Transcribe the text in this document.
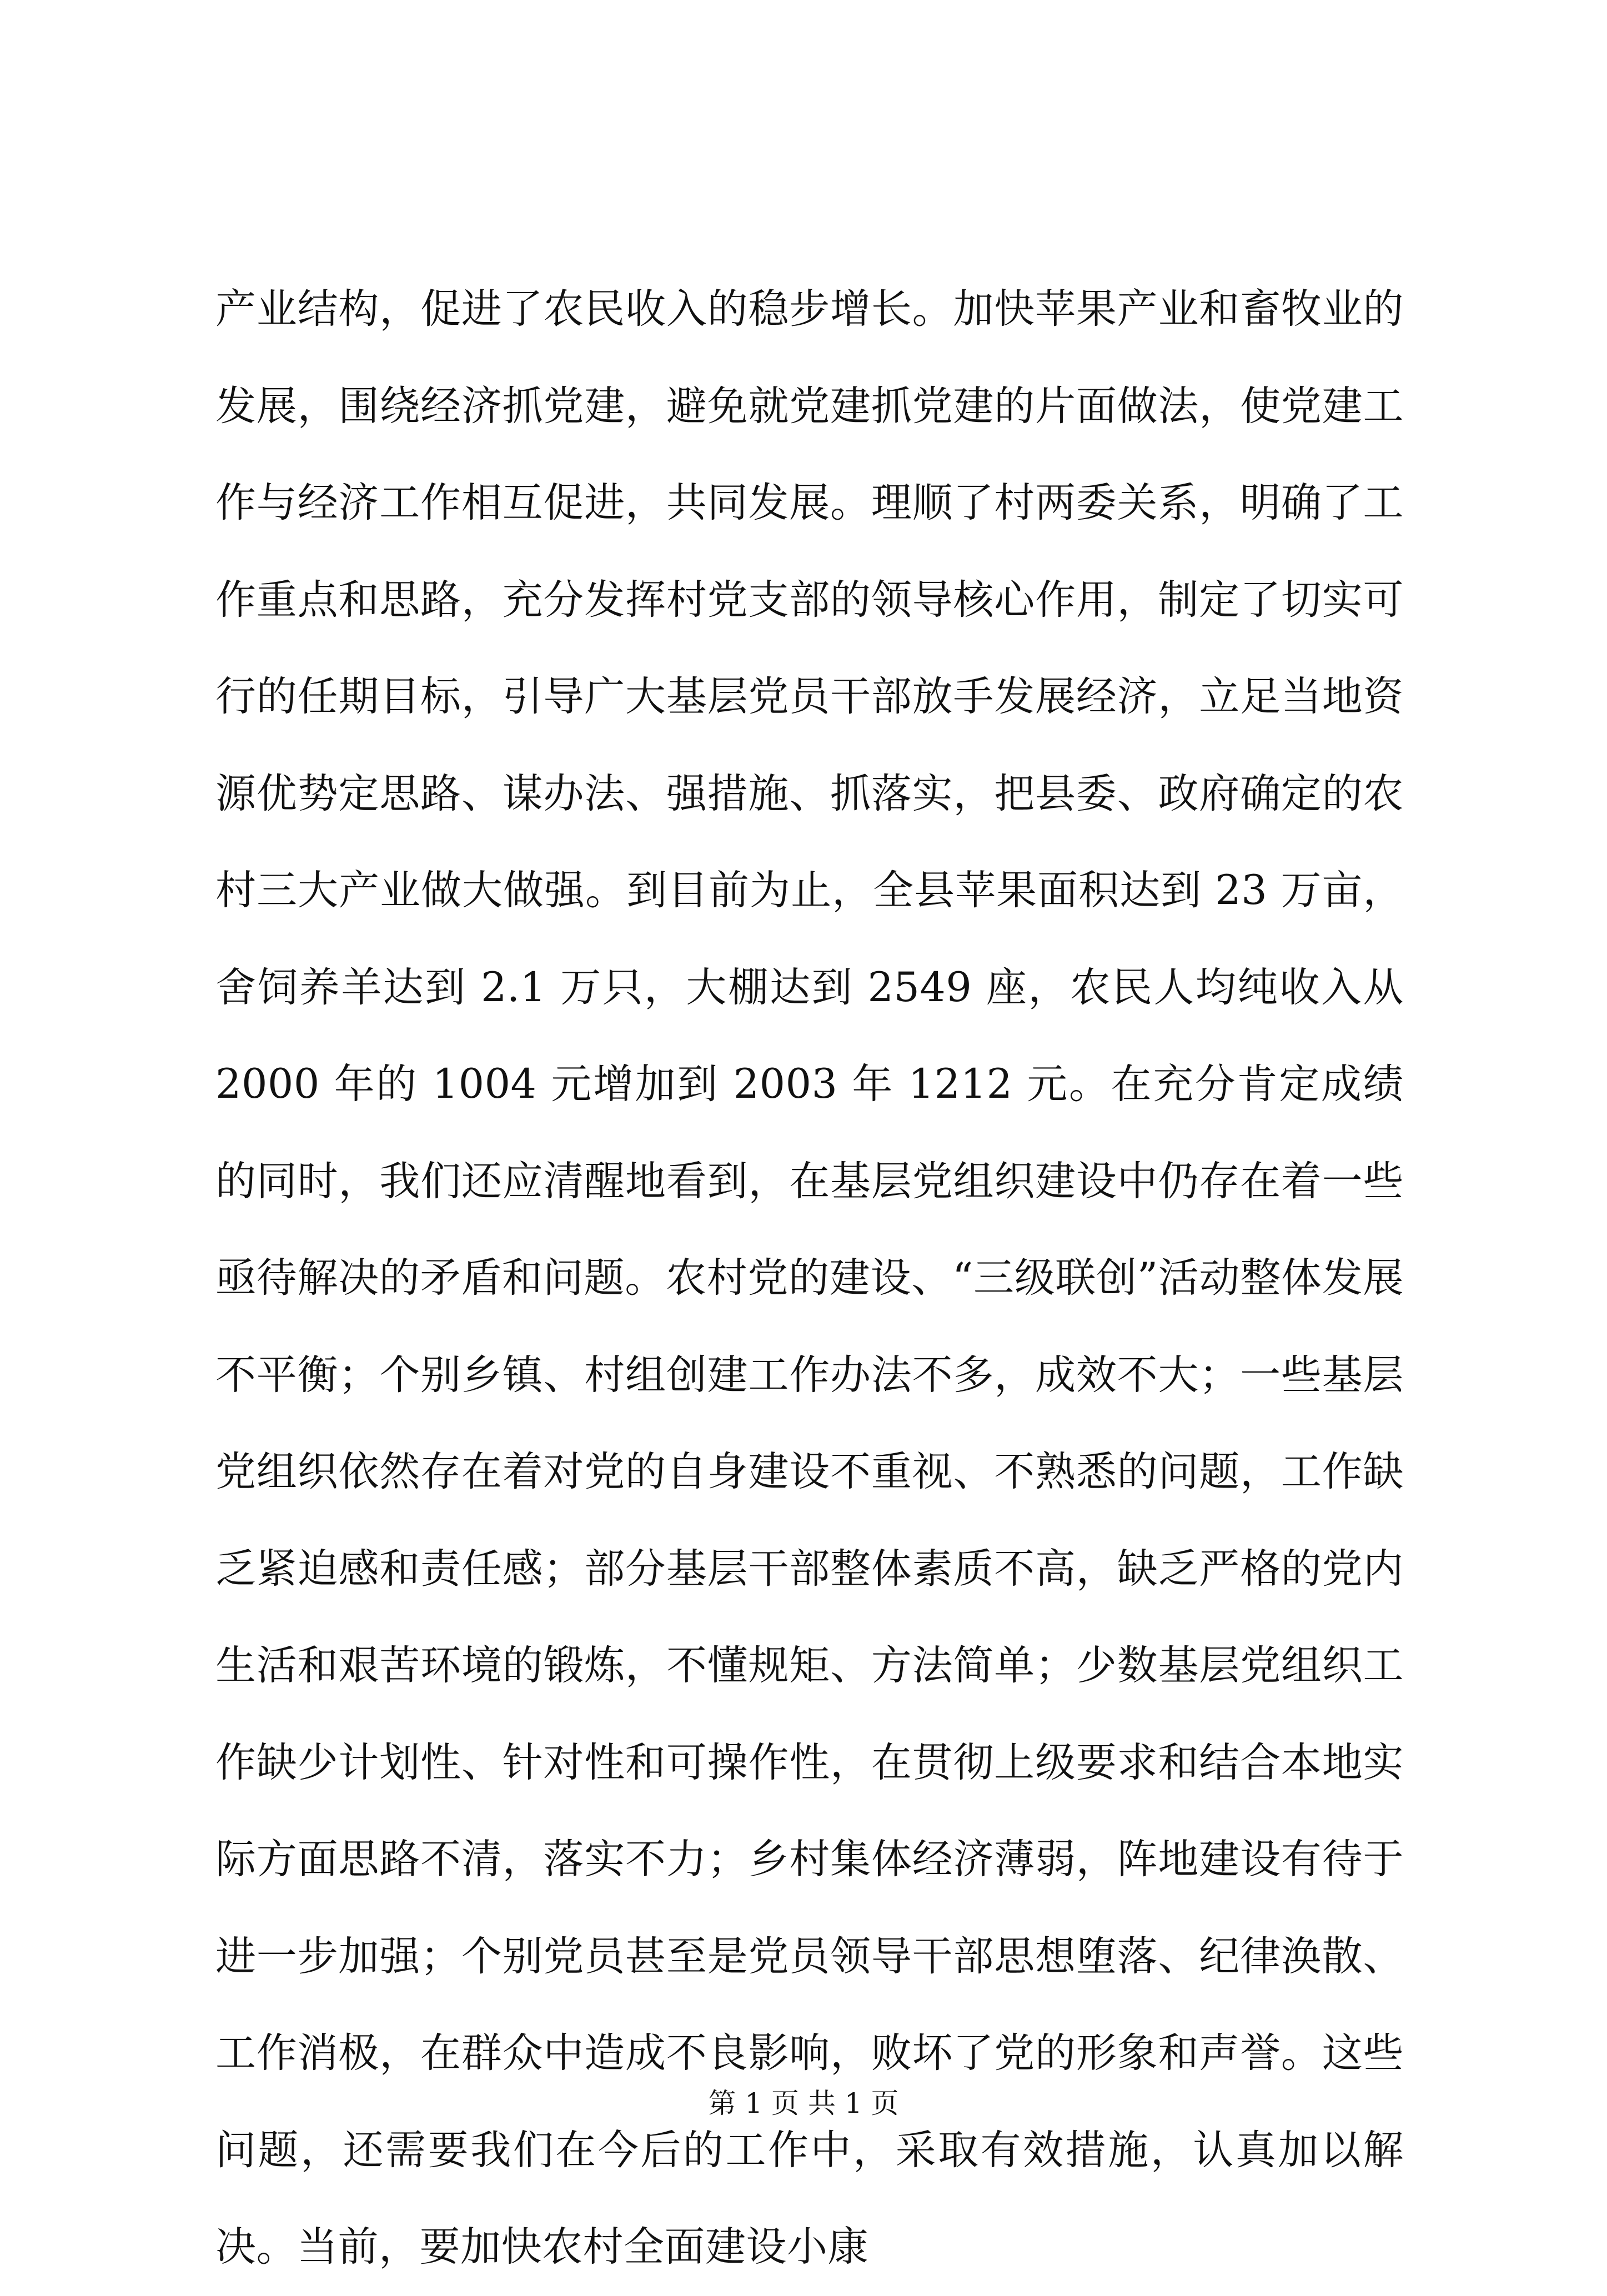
产业结构，促进了农民收入的稳步增长。加快苹果产业和畜牧业的发展，围绕经济抓党建，避免就党建抓党建的片面做法，使党建工作与经济工作相互促进，共同发展。理顺了村两委关系，明确了工作重点和思路，充分发挥村党支部的领导核心作用，制定了切实可行的任期目标，引导广大基层党员干部放手发展经济，立足当地资源优势定思路、谋办法、强措施、抓落实，把县委、政府确定的农村三大产业做大做强。到目前为止，全县苹果面积达到 23 万亩，舍饲养羊达到 2.1 万只，大棚达到 2549 座，农民人均纯收入从 2000 年的 1004 元增加到 2003 年 1212 元。在充分肯定成绩的同时，我们还应清醒地看到，在基层党组织建设中仍存在着一些亟待解决的矛盾和问题。农村党的建设、“三级联创”活动整体发展不平衡；个别乡镇、村组创建工作办法不多，成效不大；一些基层党组织依然存在着对党的自身建设不重视、不熟悉的问题，工作缺乏紧迫感和责任感；部分基层干部整体素质不高，缺乏严格的党内生活和艰苦环境的锻炼，不懂规矩、方法简单；少数基层党组织工作缺少计划性、针对性和可操作性，在贯彻上级要求和结合本地实际方面思路不清，落实不力；乡村集体经济薄弱，阵地建设有待于进一步加强；个别党员甚至是党员领导干部思想堕落、纪律涣散、工作消极，在群众中造成不良影响，败坏了党的形象和声誉。这些问题，还需要我们在今后的工作中，采取有效措施，认真加以解决。当前，要加快农村全面建设小康

第 1 页 共 1 页
